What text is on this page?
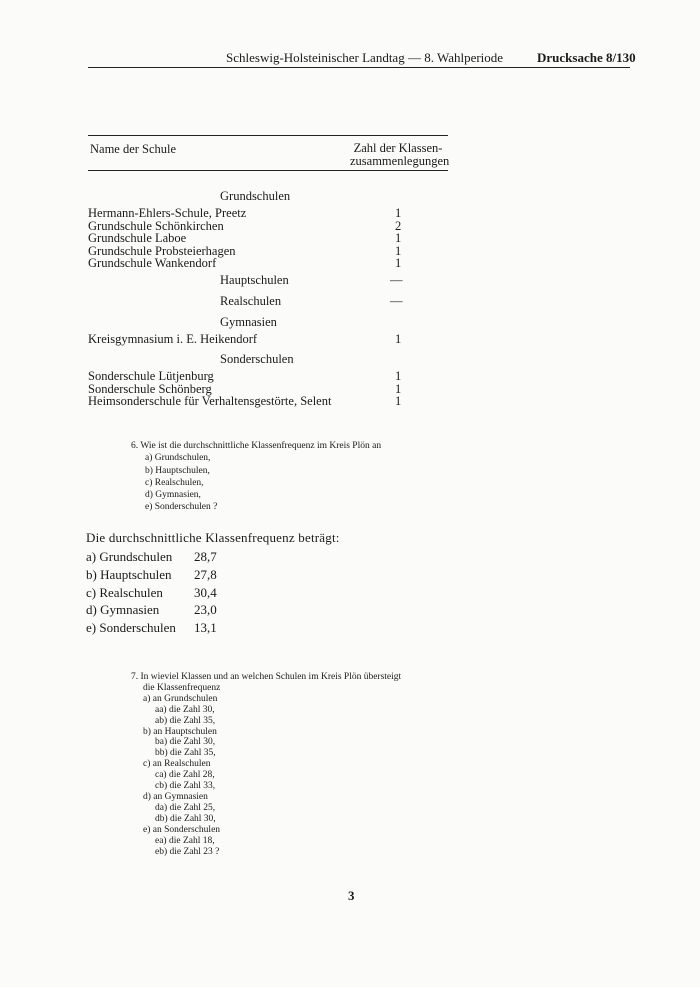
Schleswig-Holsteinischer Landtag — 8. Wahlperiode	Drucksache 8/130
Name der Schule	Zahl der Klassen-
zusammenlegungen
Grundschulen
Hermann-Ehlers-Schule, Preetz	1
Grundschule Schönkirchen	2
Grundschule Laboe	1
Grundschule Probsteierhagen	1
Grundschule Wankendorf	1
Hauptschulen	—
Realschulen	—
Gymnasien
Kreisgymnasium i. E. Heikendorf	1
Sonderschulen
Sonderschule Lütjenburg	1
Sonderschule Schönberg	1
Heimsonderschule für Verhaltensgestörte, Selent	1
6. Wie ist die durchschnittliche Klassenfrequenz im Kreis Plön an
a) Grundschulen,
b) Hauptschulen,
c) Realschulen,
d) Gymnasien,
e) Sonderschulen ?
Die durchschnittliche Klassenfrequenz beträgt:
a) Grundschulen 28,7
b) Hauptschulen 27,8
c) Realschulen 30,4
d) Gymnasien	23,0
e) Sonderschulen 13,1
7. In wieviel Klassen und an welchen Schulen im Kreis Plön übersteigt
die Klassenfrequenz
a) an Grundschulen
aa) die Zahl 30,
ab) die Zahl 35,
b) an Hauptschulen
ba) die Zahl 30,
bb) die Zahl 35,
c) an Realschulen
ca) die Zahl 28,
cb) die Zahl 33,
d) an Gymnasien
da) die Zahl 25,
db) die Zahl 30,
e) an Sonderschulen
ea) die Zahl 18,
eb) die Zahl 23 ?
3
